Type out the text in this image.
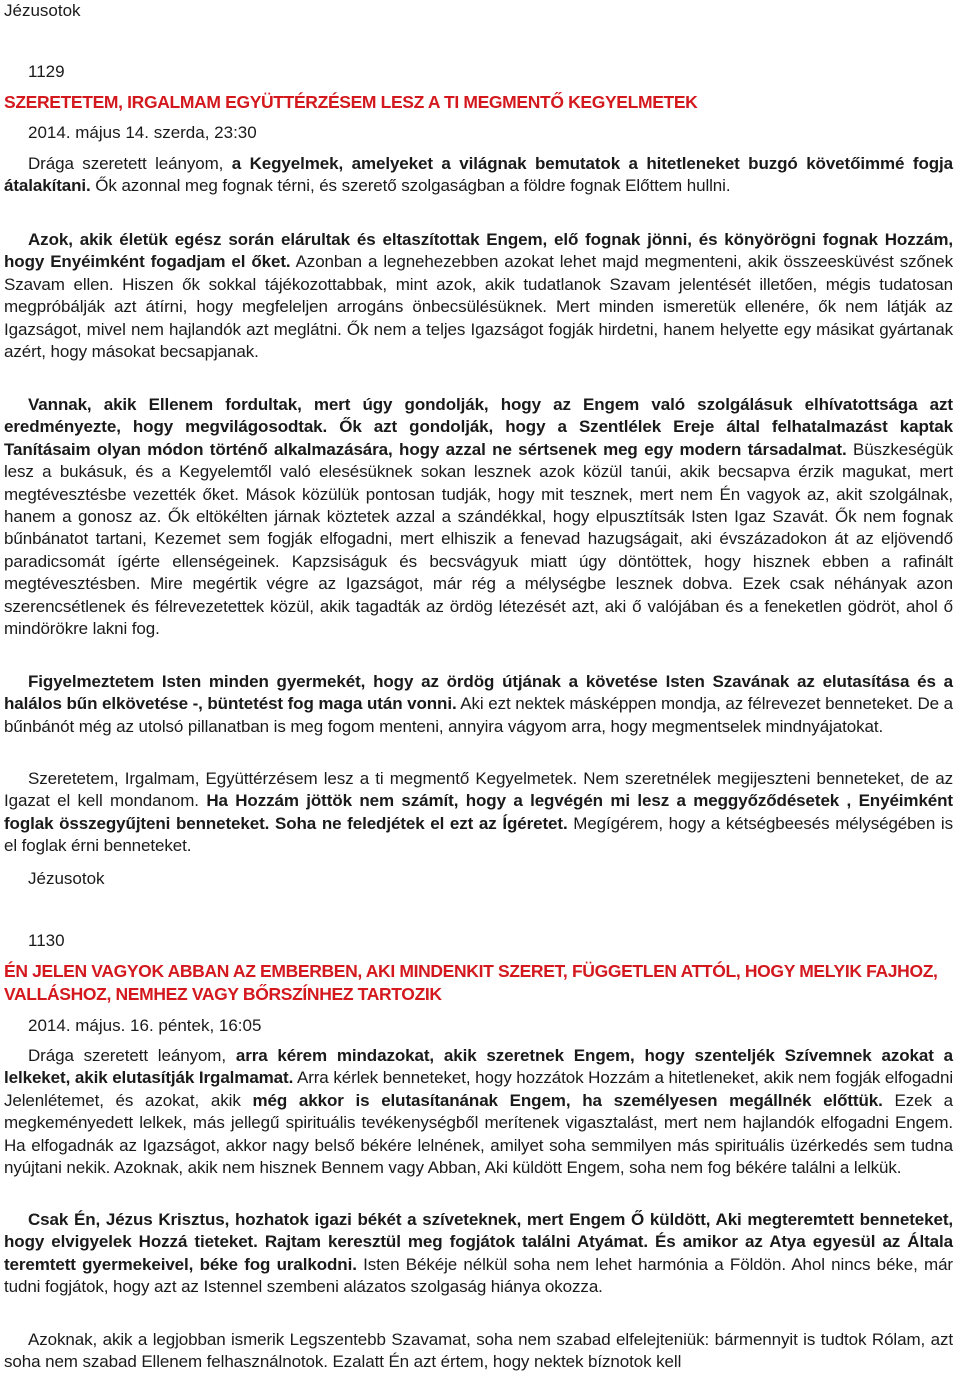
Jézusotok

1129

SZERETETEM, IRGALMAM EGYÜTTÉRZÉSEM LESZ A TI MEGMENTŐ KEGYELMETEK

2014. május 14. szerda, 23:30

Drága szeretett leányom, a Kegyelmek, amelyeket a világnak bemutatok a hitetleneket buzgó követőimmé fogja átalakítani. Ők azonnal meg fognak térni, és szerető szolgaságban a földre fognak Előttem hullni.

Azok, akik életük egész során elárultak és eltaszítottak Engem, elő fognak jönni, és könyörögni fognak Hozzám, hogy Enyéimként fogadjam el őket. Azonban a legnehezebben azokat lehet majd megmenteni, akik összeesküvést szőnek Szavam ellen. Hiszen ők sokkal tájékozottabbak, mint azok, akik tudatlanok Szavam jelentését illetően, mégis tudatosan megpróbálják azt átírni, hogy megfeleljen arrogáns önbecsülésüknek. Mert minden ismeretük ellenére, ők nem látják az Igazságot, mivel nem hajlandók azt meglátni. Ők nem a teljes Igazságot fogják hirdetni, hanem helyette egy másikat gyártanak azért, hogy másokat becsapjanak.

Vannak, akik Ellenem fordultak, mert úgy gondolják, hogy az Engem való szolgálásuk elhívatottsága azt eredményezte, hogy megvilágosodtak. Ők azt gondolják, hogy a Szentlélek Ereje által felhatalmazást kaptak Tanításaim olyan módon történő alkalmazására, hogy azzal ne sértsenek meg egy modern társadalmat. Büszkeségük lesz a bukásuk, és a Kegyelemtől való elesésüknek sokan lesznek azok közül tanúi, akik becsapva érzik magukat, mert megtévesztésbe vezették őket. Mások közülük pontosan tudják, hogy mit tesznek, mert nem Én vagyok az, akit szolgálnak, hanem a gonosz az. Ők eltökélten járnak köztetek azzal a szándékkal, hogy elpusztítsák Isten Igaz Szavát. Ők nem fognak bűnbánatot tartani, Kezemet sem fogják elfogadni, mert elhiszik a fenevad hazugságait, aki évszázadokon át az eljövendő paradicsomát ígérte ellenségeinek. Kapzsiságuk és becsvágyuk miatt úgy döntöttek, hogy hisznek ebben a rafinált megtévesztésben. Mire megértik végre az Igazságot, már rég a mélységbe lesznek dobva. Ezek csak néhányak azon szerencsétlenek és félrevezetettek közül, akik tagadták az ördög létezését azt, aki ő valójában és a feneketlen gödröt, ahol ő mindörökre lakni fog.

Figyelmeztetem Isten minden gyermekét, hogy az ördög útjának a követése Isten Szavának az elutasítása és a halálos bűn elkövetése -, büntetést fog maga után vonni. Aki ezt nektek másképpen mondja, az félrevezet benneteket. De a bűnbánót még az utolsó pillanatban is meg fogom menteni, annyira vágyom arra, hogy megmentselek mindnyájatokat.

Szeretetem, Irgalmam, Együttérzésem lesz a ti megmentő Kegyelmetek. Nem szeretnélek megijeszteni benneteket, de az Igazat el kell mondanom. Ha Hozzám jöttök nem számít, hogy a legvégén mi lesz a meggyőződésetek , Enyéimként foglak összegyűjteni benneteket. Soha ne feledjétek el ezt az Ígéretet. Megígérem, hogy a kétségbeesés mélységében is el foglak érni benneteket.

Jézusotok

1130

ÉN JELEN VAGYOK ABBAN AZ EMBERBEN, AKI MINDENKIT SZERET, FÜGGETLEN ATTÓL, HOGY MELYIK FAJHOZ, VALLÁSHOZ, NEMHEZ VAGY BŐRSZÍNHEZ TARTOZIK

2014. május. 16. péntek, 16:05

Drága szeretett leányom, arra kérem mindazokat, akik szeretnek Engem, hogy szenteljék Szívemnek azokat a lelkeket, akik elutasítják Irgalmamat. Arra kérlek benneteket, hogy hozzátok Hozzám a hitetleneket, akik nem fogják elfogadni Jelenlétemet, és azokat, akik még akkor is elutasítanának Engem, ha személyesen megállnék előttük. Ezek a megkeményedett lelkek, más jellegű spirituális tevékenységből merítenek vigasztalást, mert nem hajlandók elfogadni Engem. Ha elfogadnák az Igazságot, akkor nagy belső békére lelnének, amilyet soha semmilyen más spirituális üzérkedés sem tudna nyújtani nekik. Azoknak, akik nem hisznek Bennem vagy Abban, Aki küldött Engem, soha nem fog békére találni a lelkük.

Csak Én, Jézus Krisztus, hozhatok igazi békét a szíveteknek, mert Engem Ő küldött, Aki megteremtett benneteket, hogy elvigyelek Hozzá tieteket. Rajtam keresztül meg fogjátok találni Atyámat. És amikor az Atya egyesül az Általa teremtett gyermekeivel, béke fog uralkodni. Isten Békéje nélkül soha nem lehet harmónia a Földön. Ahol nincs béke, már tudni fogjátok, hogy azt az Istennel szembeni alázatos szolgaság hiánya okozza.

Azoknak, akik a legjobban ismerik Legszentebb Szavamat, soha nem szabad elfelejteniük: bármennyit is tudtok Rólam, azt soha nem szabad Ellenem felhasználnotok. Ezalatt Én azt értem, hogy nektek bíznotok kell
